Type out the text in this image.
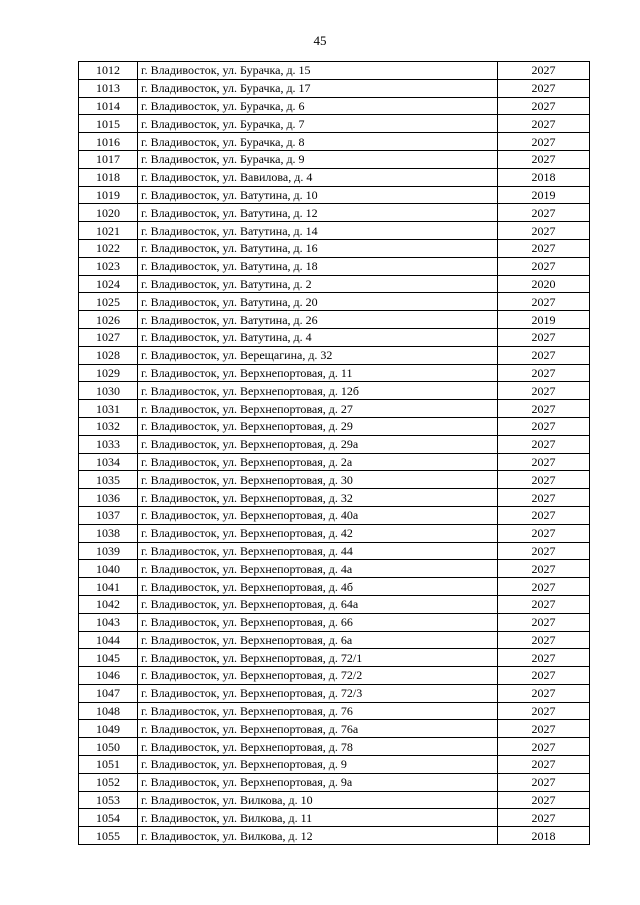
45
1012	г. Владивосток, ул. Бурачка, д. 15	2027
1013	г. Владивосток, ул. Бурачка, д. 17	2027
1014	г. Владивосток, ул. Бурачка, д. 6	2027
1015	г. Владивосток, ул. Бурачка, д. 7	2027
1016	г. Владивосток, ул. Бурачка, д. 8	2027
1017	г. Владивосток, ул. Бурачка, д. 9	2027
1018	г. Владивосток, ул. Вавилова, д. 4	2018
1019	г. Владивосток, ул. Ватутина, д. 10	2019
1020	г. Владивосток, ул. Ватутина, д. 12	2027
1021	г. Владивосток, ул. Ватутина, д. 14	2027
1022	г. Владивосток, ул. Ватутина, д. 16	2027
1023	г. Владивосток, ул. Ватутина, д. 18	2027
1024	г. Владивосток, ул. Ватутина, д. 2	2020
1025	г. Владивосток, ул. Ватутина, д. 20	2027
1026	г. Владивосток, ул. Ватутина, д. 26	2019
1027	г. Владивосток, ул. Ватутина, д. 4	2027
1028	г. Владивосток, ул. Верещагина, д. 32	2027
1029	г. Владивосток, ул. Верхнепортовая, д. 11	2027
1030	г. Владивосток, ул. Верхнепортовая, д. 12б	2027
1031	г. Владивосток, ул. Верхнепортовая, д. 27	2027
1032	г. Владивосток, ул. Верхнепортовая, д. 29	2027
1033	г. Владивосток, ул. Верхнепортовая, д. 29а	2027
1034	г. Владивосток, ул. Верхнепортовая, д. 2а	2027
1035	г. Владивосток, ул. Верхнепортовая, д. 30	2027
1036	г. Владивосток, ул. Верхнепортовая, д. 32	2027
1037	г. Владивосток, ул. Верхнепортовая, д. 40а	2027
1038	г. Владивосток, ул. Верхнепортовая, д. 42	2027
1039	г. Владивосток, ул. Верхнепортовая, д. 44	2027
1040	г. Владивосток, ул. Верхнепортовая, д. 4а	2027
1041	г. Владивосток, ул. Верхнепортовая, д. 4б	2027
1042	г. Владивосток, ул. Верхнепортовая, д. 64а	2027
1043	г. Владивосток, ул. Верхнепортовая, д. 66	2027
1044	г. Владивосток, ул. Верхнепортовая, д. 6а	2027
1045	г. Владивосток, ул. Верхнепортовая, д. 72/1	2027
1046	г. Владивосток, ул. Верхнепортовая, д. 72/2	2027
1047	г. Владивосток, ул. Верхнепортовая, д. 72/3	2027
1048	г. Владивосток, ул. Верхнепортовая, д. 76	2027
1049	г. Владивосток, ул. Верхнепортовая, д. 76а	2027
1050	г. Владивосток, ул. Верхнепортовая, д. 78	2027
1051	г. Владивосток, ул. Верхнепортовая, д. 9	2027
1052	г. Владивосток, ул. Верхнепортовая, д. 9а	2027
1053	г. Владивосток, ул. Вилкова, д. 10	2027
1054	г. Владивосток, ул. Вилкова, д. 11	2027
1055	г. Владивосток, ул. Вилкова, д. 12	2018
